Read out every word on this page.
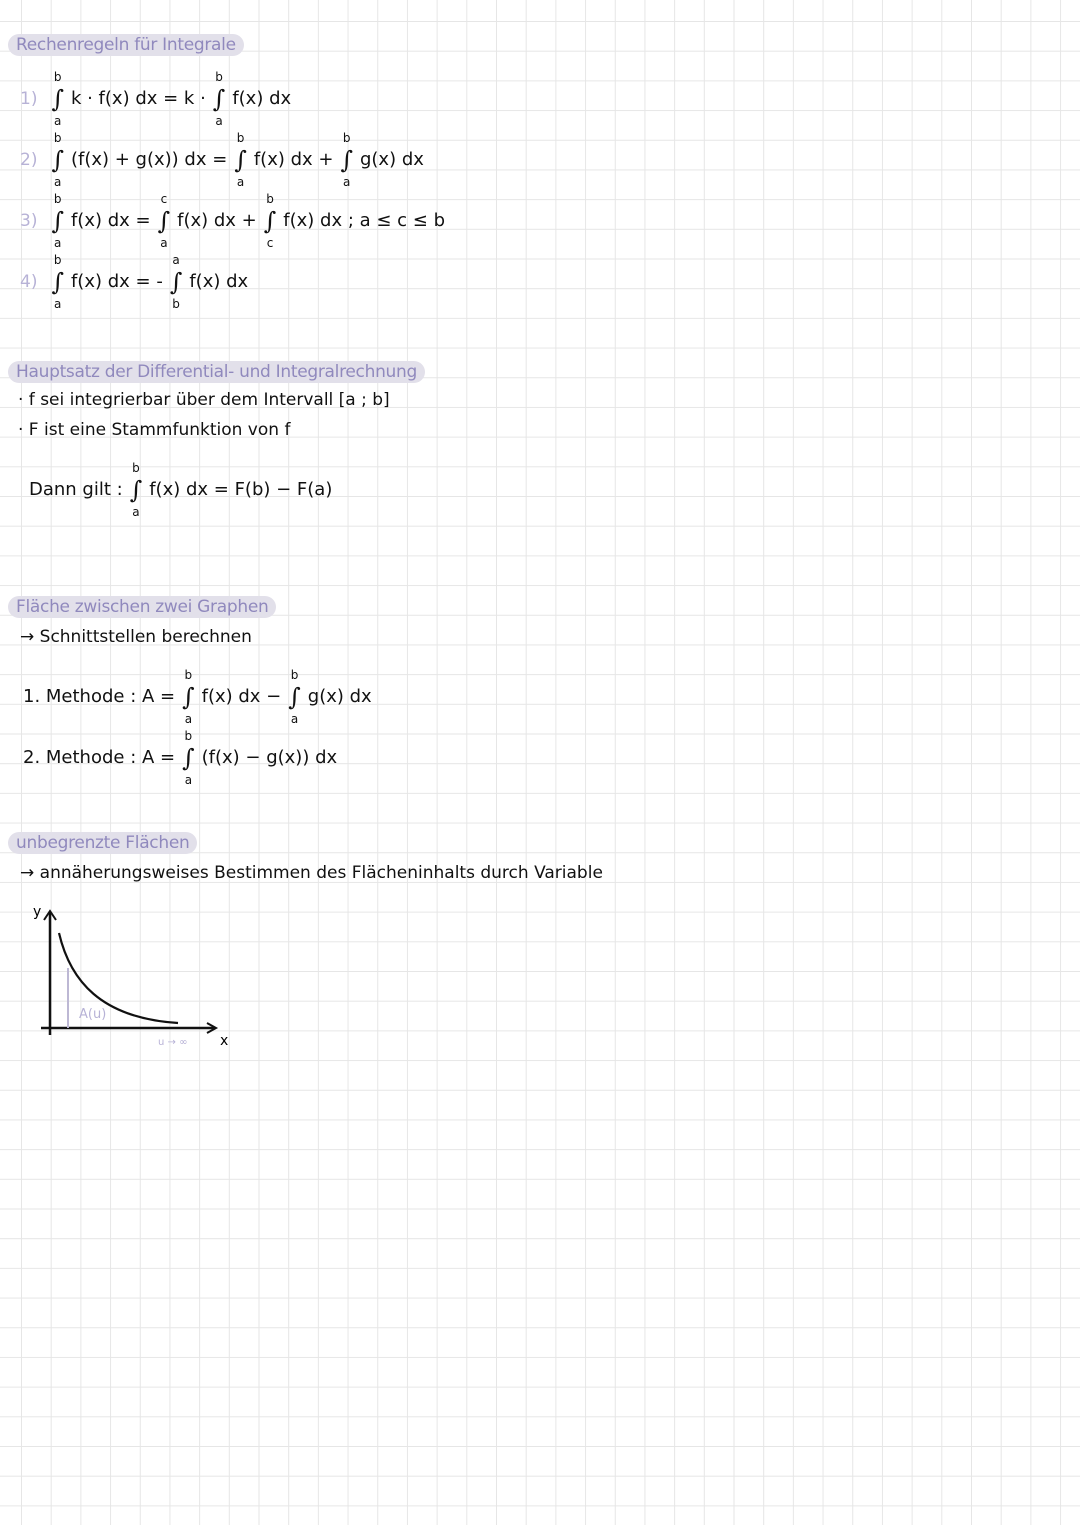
Rechenregeln für Integrale
1)
b
∫
a
k · f(x) dx = k ·
b
∫
a
f(x) dx
2)
b
∫
a
(f(x) + g(x)) dx =
b
∫
a
f(x) dx +
b
∫
a
g(x) dx
3)
b
∫
a
f(x) dx =
c
∫
a
f(x) dx +
b
∫
c
f(x) dx ; a ≤ c ≤ b
4)
b
∫
a
f(x) dx = -
a
∫
b
f(x) dx
Hauptsatz der Differential- und Integralrechnung
· f sei integrierbar über dem Intervall [a ; b]
· F ist eine Stammfunktion von f
Dann gilt :
b
∫
a
f(x) dx = F(b) − F(a)
Fläche zwischen zwei Graphen
→ Schnittstellen berechnen
1. Methode : A =
b
∫
a
f(x) dx −
b
∫
a
g(x) dx
2. Methode : A =
b
∫
a
(f(x) − g(x)) dx
unbegrenzte Flächen
→ annäherungsweises Bestimmen des Flächeninhalts durch Variable
y
x
A(u)
u → ∞
